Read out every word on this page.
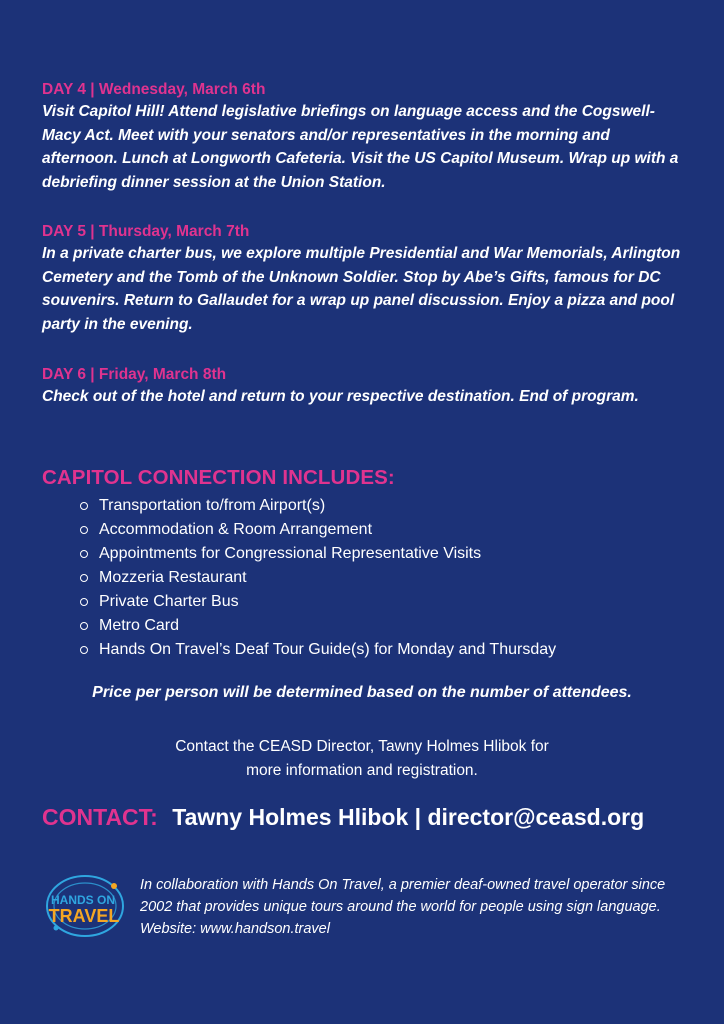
DAY 4 | Wednesday, March 6th

Visit Capitol Hill! Attend legislative briefings on language access and the Cogswell-Macy Act. Meet with your senators and/or representatives in the morning and afternoon. Lunch at Longworth Cafeteria. Visit the US Capitol Museum. Wrap up with a debriefing dinner session at the Union Station.

DAY 5 | Thursday, March 7th

In a private charter bus, we explore multiple Presidential and War Memorials, Arlington Cemetery and the Tomb of the Unknown Soldier. Stop by Abe’s Gifts, famous for DC souvenirs. Return to Gallaudet for a wrap up panel discussion. Enjoy a pizza and pool party in the evening.

DAY 6 | Friday, March 8th

Check out of the hotel and return to your respective destination. End of program.

CAPITOL CONNECTION INCLUDES:
Transportation to/from Airport(s)
Accommodation & Room Arrangement
Appointments for Congressional Representative Visits
Mozzeria Restaurant
Private Charter Bus
Metro Card
Hands On Travel’s Deaf Tour Guide(s) for Monday and Thursday
Price per person will be determined based on the number of attendees.
Contact the CEASD Director, Tawny Holmes Hlibok for
more information and registration.
CONTACT: Tawny Holmes Hlibok | director@ceasd.org
HANDS ON
TRAVEL
In collaboration with Hands On Travel, a premier deaf-owned travel operator since 2002 that provides unique tours around the world for people using sign language. Website: www.handson.travel
